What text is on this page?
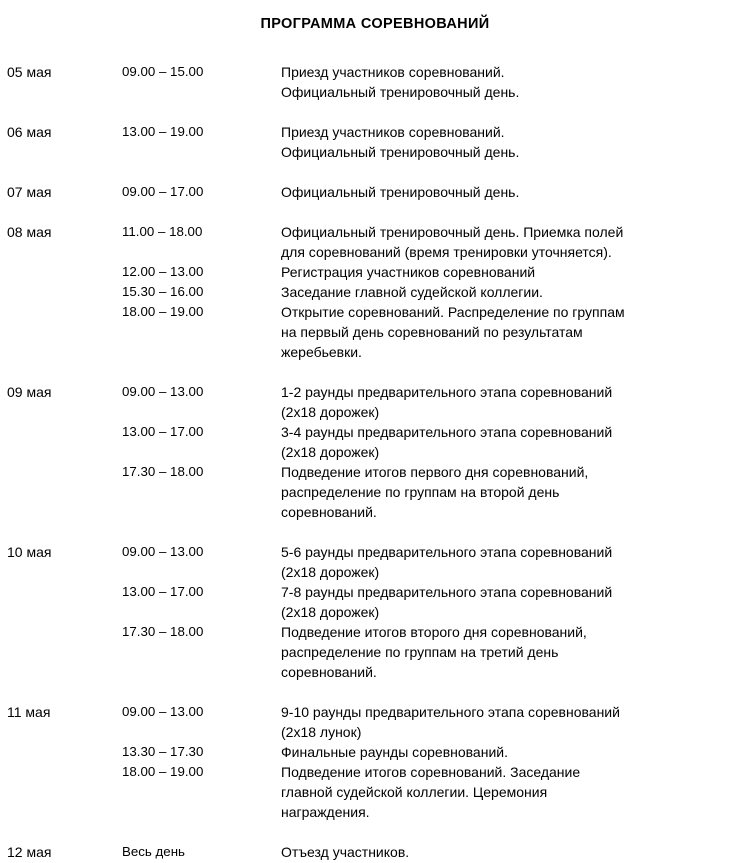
ПРОГРАММА СОРЕВНОВАНИЙ
05 мая	09.00 – 15.00	Приезд участников соревнований.
Официальный тренировочный день.
06 мая	13.00 – 19.00	Приезд участников соревнований.
Официальный тренировочный день.
07 мая	09.00 – 17.00	Официальный тренировочный день.
08 мая	11.00 – 18.00	Официальный тренировочный день. Приемка полей
для соревнований (время тренировки уточняется).
12.00 – 13.00	Регистрация участников соревнований
15.30 – 16.00	Заседание главной судейской коллегии.
18.00 – 19.00	Открытие соревнований. Распределение по группам
на первый день соревнований по результатам
жеребьевки.
09 мая	09.00 – 13.00	1-2 раунды предварительного этапа соревнований
(2х18 дорожек)
13.00 – 17.00	3-4 раунды предварительного этапа соревнований
(2х18 дорожек)
17.30 – 18.00	Подведение итогов первого дня соревнований,
распределение по группам на второй день
соревнований.
10 мая	09.00 – 13.00	5-6 раунды предварительного этапа соревнований
(2х18 дорожек)
13.00 – 17.00	7-8 раунды предварительного этапа соревнований
(2х18 дорожек)
17.30 – 18.00	Подведение итогов второго дня соревнований,
распределение по группам на третий день
соревнований.
11 мая	09.00 – 13.00	9-10 раунды предварительного этапа соревнований
(2х18 лунок)
13.30 – 17.30	Финальные раунды соревнований.
18.00 – 19.00	Подведение итогов соревнований. Заседание
главной судейской коллегии. Церемония
награждения.
12 мая	Весь день	Отъезд участников.
